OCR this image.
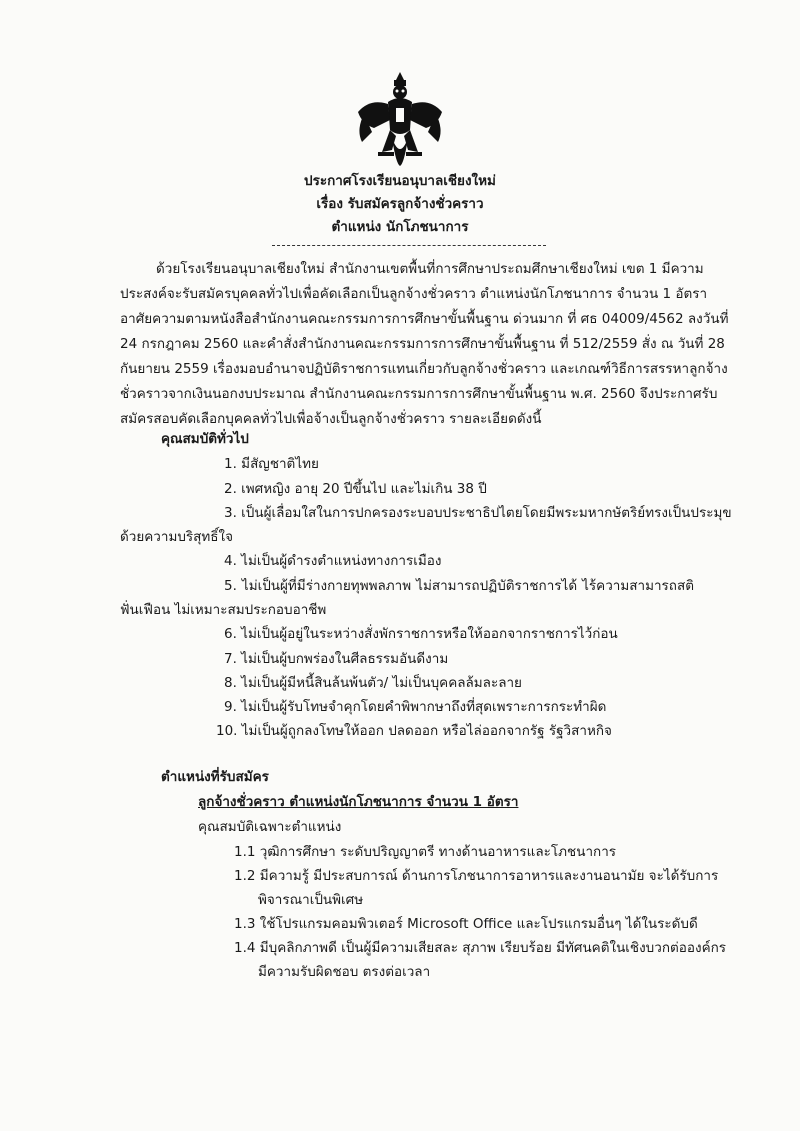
ประกาศโรงเรียนอนุบาลเชียงใหม่
เรื่อง รับสมัครลูกจ้างชั่วคราว
ตำแหน่ง นักโภชนาการ
ด้วยโรงเรียนอนุบาลเชียงใหม่ สำนักงานเขตพื้นที่การศึกษาประถมศึกษาเชียงใหม่ เขต 1 มีความ
ประสงค์จะรับสมัครบุคคลทั่วไปเพื่อคัดเลือกเป็นลูกจ้างชั่วคราว ตำแหน่งนักโภชนาการ จำนวน 1 อัตรา
อาศัยความตามหนังสือสำนักงานคณะกรรมการการศึกษาขั้นพื้นฐาน ด่วนมาก ที่ ศธ 04009/4562 ลงวันที่
24 กรกฎาคม 2560 และคำสั่งสำนักงานคณะกรรมการการศึกษาขั้นพื้นฐาน ที่ 512/2559 สั่ง ณ วันที่ 28
กันยายน 2559 เรื่องมอบอำนาจปฏิบัติราชการแทนเกี่ยวกับลูกจ้างชั่วคราว และเกณฑ์วิธีการสรรหาลูกจ้าง
ชั่วคราวจากเงินนอกงบประมาณ สำนักงานคณะกรรมการการศึกษาขั้นพื้นฐาน พ.ศ. 2560 จึงประกาศรับ
สมัครสอบคัดเลือกบุคคลทั่วไปเพื่อจ้างเป็นลูกจ้างชั่วคราว รายละเอียดดังนี้
คุณสมบัติทั่วไป
1. มีสัญชาติไทย
2. เพศหญิง อายุ 20 ปีขึ้นไป และไม่เกิน 38 ปี
3. เป็นผู้เลื่อมใสในการปกครองระบอบประชาธิปไตยโดยมีพระมหากษัตริย์ทรงเป็นประมุข
ด้วยความบริสุทธิ์ใจ
4. ไม่เป็นผู้ดำรงตำแหน่งทางการเมือง
5. ไม่เป็นผู้ที่มีร่างกายทุพพลภาพ ไม่สามารถปฏิบัติราชการได้ ไร้ความสามารถสติ
ฟั่นเฟือน ไม่เหมาะสมประกอบอาชีพ
6. ไม่เป็นผู้อยู่ในระหว่างสั่งพักราชการหรือให้ออกจากราชการไว้ก่อน
7. ไม่เป็นผู้บกพร่องในศีลธรรมอันดีงาม
8. ไม่เป็นผู้มีหนี้สินล้นพ้นตัว/ ไม่เป็นบุคคลล้มละลาย
9. ไม่เป็นผู้รับโทษจำคุกโดยคำพิพากษาถึงที่สุดเพราะการกระทำผิด
10. ไม่เป็นผู้ถูกลงโทษให้ออก ปลดออก หรือไล่ออกจากรัฐ รัฐวิสาหกิจ
ตำแหน่งที่รับสมัคร
ลูกจ้างชั่วคราว ตำแหน่งนักโภชนาการ จำนวน 1 อัตรา
คุณสมบัติเฉพาะตำแหน่ง
1.1 วุฒิการศึกษา ระดับปริญญาตรี ทางด้านอาหารและโภชนาการ
1.2 มีความรู้ มีประสบการณ์ ด้านการโภชนาการอาหารและงานอนามัย จะได้รับการ
พิจารณาเป็นพิเศษ
1.3 ใช้โปรแกรมคอมพิวเตอร์ Microsoft Office และโปรแกรมอื่นๆ ได้ในระดับดี
1.4 มีบุคลิกภาพดี เป็นผู้มีความเสียสละ สุภาพ เรียบร้อย มีทัศนคติในเชิงบวกต่อองค์กร
มีความรับผิดชอบ ตรงต่อเวลา
